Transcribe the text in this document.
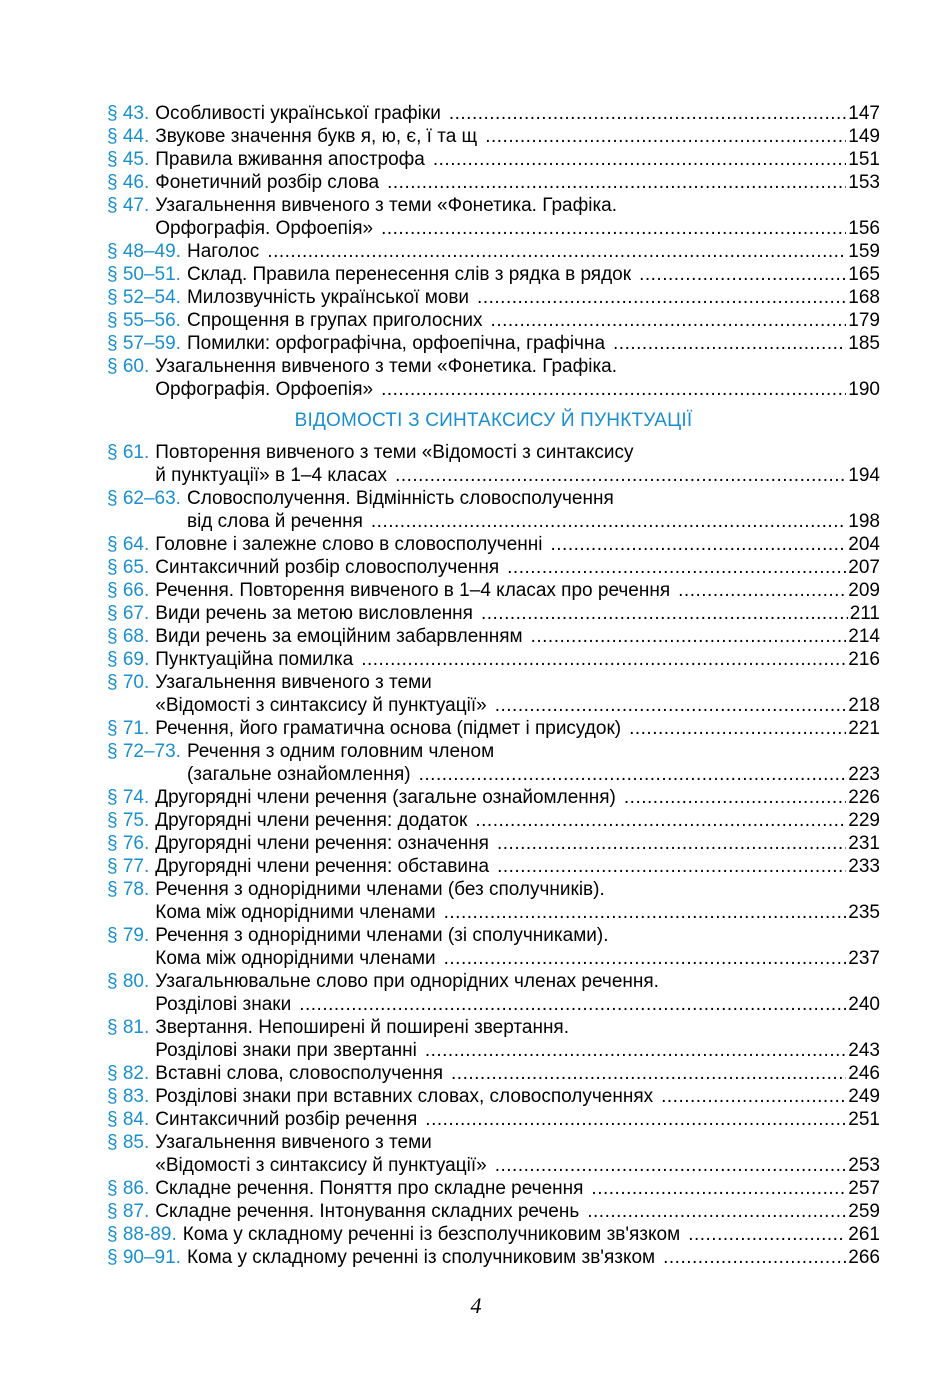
§ 43. Особливості української графіки .....	147
§ 44. Звукове значення букв я, ю, є, ї та щ .....	149
§ 45. Правила вживання апострофа .....	151
§ 46. Фонетичний розбір слова .....	153
§ 47. Узагальнення вивченого з теми «Фонетика. Графіка.
Орфографія. Орфоепія» .....	156
§ 48–49. Наголос .....	159
§ 50–51. Склад. Правила перенесення слів з рядка в рядок .....	165
§ 52–54. Милозвучність української мови .....	168
§ 55–56. Спрощення в групах приголосних .....	179
§ 57–59. Помилки: орфографічна, орфоепічна, графічна .....	185
§ 60. Узагальнення вивченого з теми «Фонетика. Графіка.
Орфографія. Орфоепія» .....	190
ВІДОМОСТІ З СИНТАКСИСУ Й ПУНКТУАЦІЇ
§ 61. Повторення вивченого з теми «Відомості з синтаксису
й пунктуації» в 1–4 класах .....	194
§ 62–63. Словосполучення. Відмінність словосполучення
від слова й речення .....	198
§ 64. Головне і залежне слово в словосполученні .....	204
§ 65. Синтаксичний розбір словосполучення .....	207
§ 66. Речення. Повторення вивченого в 1–4 класах про речення .....	209
§ 67. Види речень за метою висловлення .....	211
§ 68. Види речень за емоційним забарвленням .....	214
§ 69. Пунктуаційна помилка .....	216
§ 70. Узагальнення вивченого з теми
«Відомості з синтаксису й пунктуації» .....	218
§ 71. Речення, його граматична основа (підмет і присудок) .....	221
§ 72–73. Речення з одним головним членом
(загальне ознайомлення) .....	223
§ 74. Другорядні члени речення (загальне ознайомлення) .....	226
§ 75. Другорядні члени речення: додаток .....	229
§ 76. Другорядні члени речення: означення .....	231
§ 77. Другорядні члени речення: обставина .....	233
§ 78. Речення з однорідними членами (без сполучників).
Кома між однорідними членами .....	235
§ 79. Речення з однорідними членами (зі сполучниками).
Кома між однорідними членами .....	237
§ 80. Узагальнювальне слово при однорідних членах речення.
Розділові знаки .....	240
§ 81. Звертання. Непоширені й поширені звертання.
Розділові знаки при звертанні .....	243
§ 82. Вставні слова, словосполучення .....	246
§ 83. Розділові знаки при вставних словах, словосполученнях .....	249
§ 84. Синтаксичний розбір речення .....	251
§ 85. Узагальнення вивченого з теми
«Відомості з синтаксису й пунктуації» .....	253
§ 86. Складне речення. Поняття про складне речення .....	257
§ 87. Складне речення. Інтонування складних речень .....	259
§ 88-89. Кома у складному реченні із безсполучниковим зв'язком .....	261
§ 90–91. Кома у складному реченні із сполучниковим зв'язком .....	266
4
